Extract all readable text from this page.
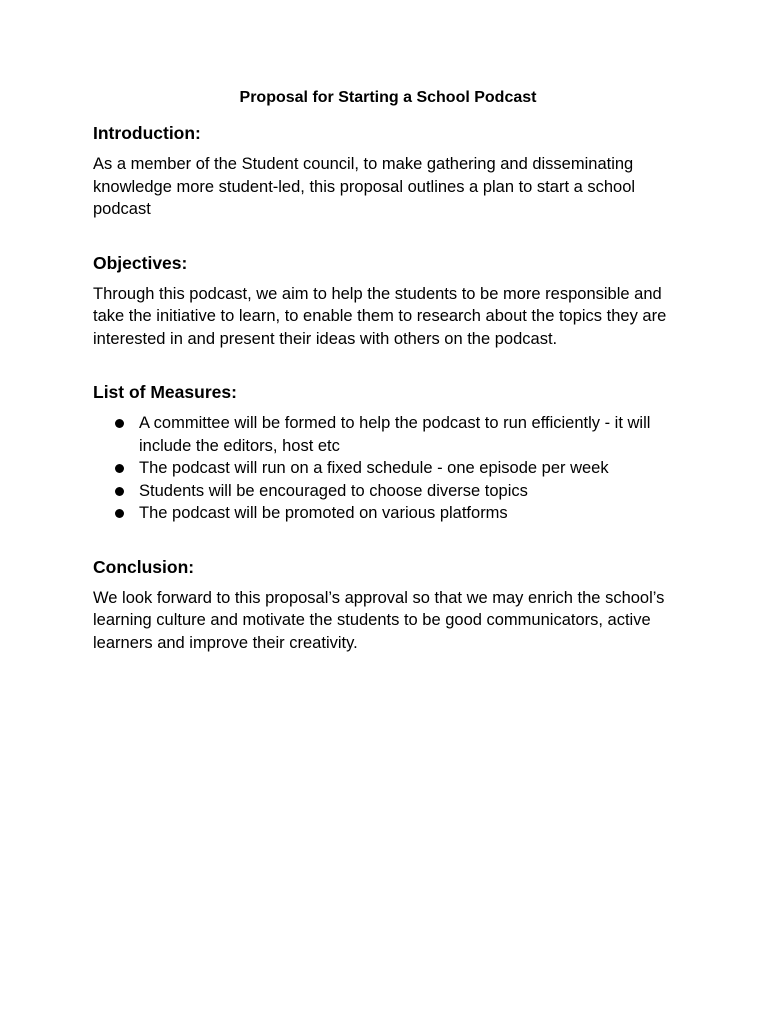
Proposal for Starting a School Podcast
Introduction:

As a member of the Student council, to make gathering and disseminating knowledge more student-led, this proposal outlines a plan to start a school podcast

Objectives:

Through this podcast, we aim to help the students to be more responsible and take the initiative to learn, to enable them to research about the topics they are interested in and present their ideas with others on the podcast.

List of Measures:
A committee will be formed to help the podcast to run efficiently - it will include the editors, host etc
The podcast will run on a fixed schedule - one episode per week
Students will be encouraged to choose diverse topics
The podcast will be promoted on various platforms
Conclusion:

We look forward to this proposal’s approval so that we may enrich the school’s learning culture and motivate the students to be good communicators, active learners and improve their creativity.
